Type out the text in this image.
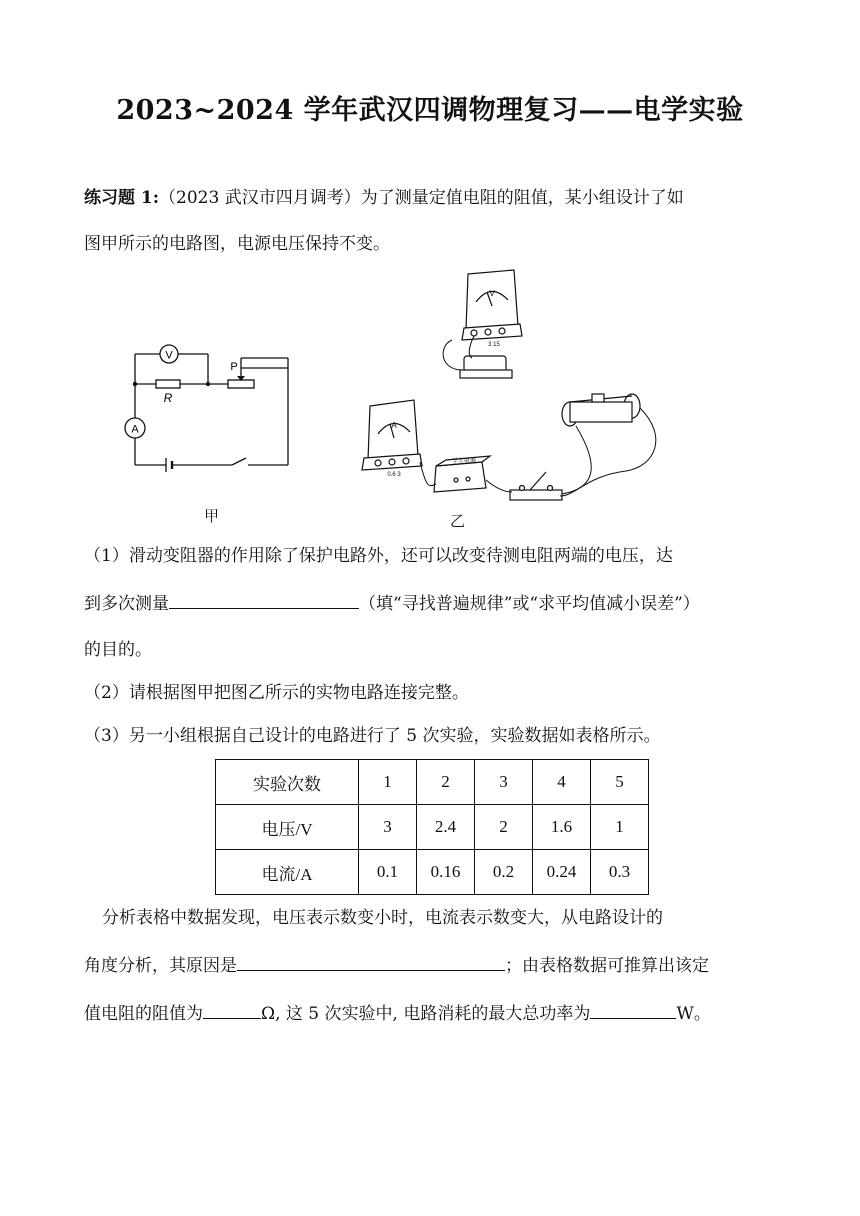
2023~2024 学年武汉四调物理复习——电学实验
练习题 1:（2023 武汉市四月调考）为了测量定值电阻的阻值，某小组设计了如
图甲所示的电路图，电源电压保持不变。
V
A
R
P
甲
V
A
3 15
0.6 3
学生电源
乙
（1）滑动变阻器的作用除了保护电路外，还可以改变待测电阻两端的电压，达
到多次测量	（填“寻找普遍规律”或“求平均值减小误差”）
的目的。
（2）请根据图甲把图乙所示的实物电路连接完整。
（3）另一小组根据自己设计的电路进行了 5 次实验，实验数据如表格所示。
实验次数	1	2	3	4	5
电压/V	3	2.4	2	1.6	1
电流/A	0.1	0.16	0.2	0.24	0.3
分析表格中数据发现，电压表示数变小时，电流表示数变大，从电路设计的
角度分析，其原因是	；由表格数据可推算出该定
值电阻的阻值为	Ω, 这 5 次实验中, 电路消耗的最大总功率为	W。
